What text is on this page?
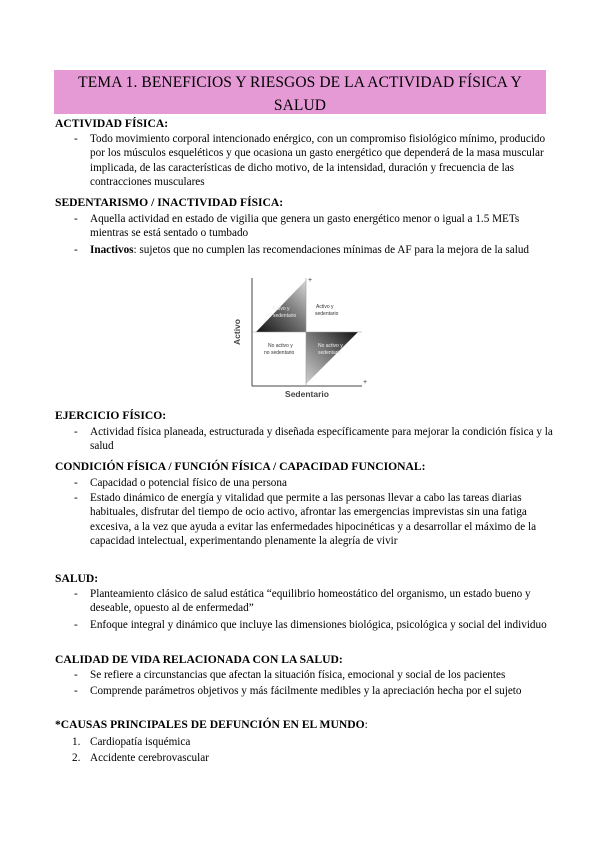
TEMA 1. BENEFICIOS Y RIESGOS DE LA ACTIVIDAD FÍSICA Y
SALUD
ACTIVIDAD FÍSICA:
- Todo movimiento corporal intencionado enérgico, con un compromiso fisiológico mínimo, producido por los músculos esqueléticos y que ocasiona un gasto energético que dependerá de la masa muscular implicada, de las características de dicho motivo, de la intensidad, duración y frecuencia de las contracciones musculares
SEDENTARISMO / INACTIVIDAD FÍSICA:
- Aquella actividad en estado de vigilia que genera un gasto energético menor o igual a 1.5 METs mientras se está sentado o tumbado
- Inactivos: sujetos que no cumplen las recomendaciones mínimas de AF para la mejora de la salud
+
+
Activo
Sedentario
Activo y
no sedentario
Activo y
sedentario
No activo y
no sedentario
No activo y
sedentario
EJERCICIO FÍSICO:
- Actividad física planeada, estructurada y diseñada específicamente para mejorar la condición física y la salud
CONDICIÓN FÍSICA / FUNCIÓN FÍSICA / CAPACIDAD FUNCIONAL:
- Capacidad o potencial físico de una persona
- Estado dinámico de energía y vitalidad que permite a las personas llevar a cabo las tareas diarias habituales, disfrutar del tiempo de ocio activo, afrontar las emergencias imprevistas sin una fatiga excesiva, a la vez que ayuda a evitar las enfermedades hipocinéticas y a desarrollar el máximo de la capacidad intelectual, experimentando plenamente la alegría de vivir
SALUD:
- Planteamiento clásico de salud estática “equilibrio homeostático del organismo, un estado bueno y deseable, opuesto al de enfermedad”
- Enfoque integral y dinámico que incluye las dimensiones biológica, psicológica y social del individuo
CALIDAD DE VIDA RELACIONADA CON LA SALUD:
- Se refiere a circunstancias que afectan la situación física, emocional y social de los pacientes
- Comprende parámetros objetivos y más fácilmente medibles y la apreciación hecha por el sujeto
*CAUSAS PRINCIPALES DE DEFUNCIÓN EN EL MUNDO:
1. Cardiopatía isquémica
2. Accidente cerebrovascular
